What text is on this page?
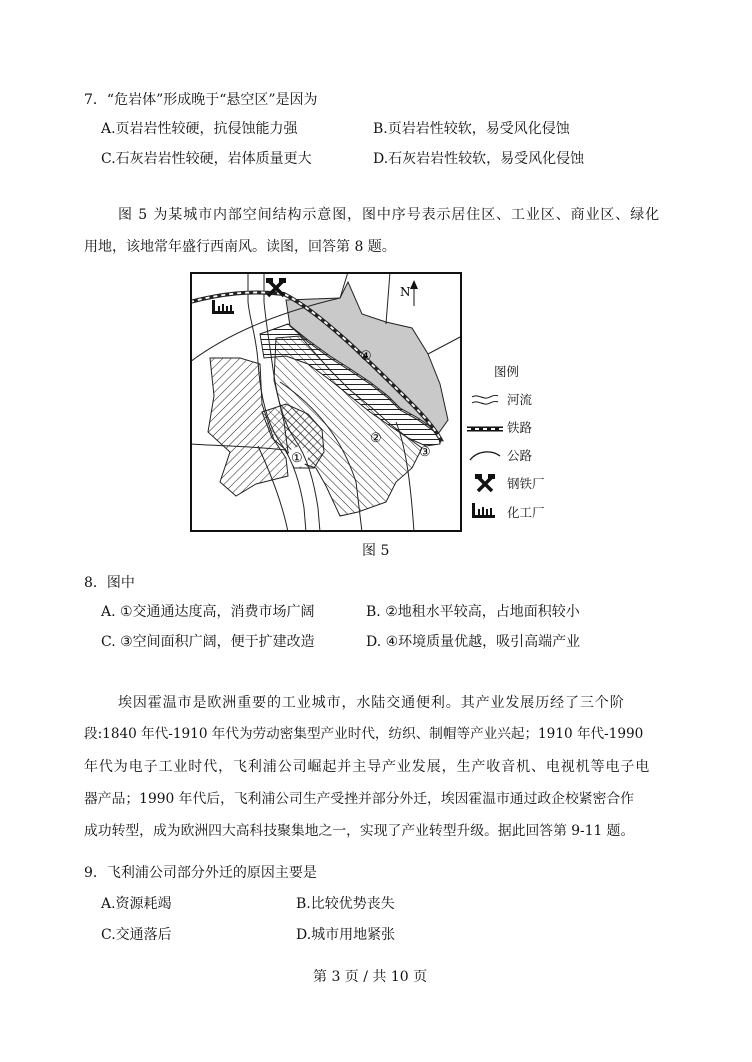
7．“危岩体”形成晚于“悬空区”是因为
A.页岩岩性较硬，抗侵蚀能力强	B.页岩岩性较软，易受风化侵蚀
C.石灰岩岩性较硬，岩体质量更大	D.石灰岩岩性较软，易受风化侵蚀
图 5 为某城市内部空间结构示意图，图中序号表示居住区、工业区、商业区、绿化
用地，该地常年盛行西南风。读图，回答第 8 题。
N
①
②
③
④
图例
河流
铁路
公路
钢铁厂
化工厂
图 5
8．图中
A. ①交通通达度高，消费市场广阔	B. ②地租水平较高，占地面积较小
C. ③空间面积广阔，便于扩建改造	D. ④环境质量优越，吸引高端产业
埃因霍温市是欧洲重要的工业城市，水陆交通便利。其产业发展历经了三个阶
段:1840 年代-1910 年代为劳动密集型产业时代，纺织、制帽等产业兴起；1910 年代-1990
年代为电子工业时代，飞利浦公司崛起并主导产业发展，生产收音机、电视机等电子电
器产品；1990 年代后，飞利浦公司生产受挫并部分外迁，埃因霍温市通过政企校紧密合作
成功转型，成为欧洲四大高科技聚集地之一，实现了产业转型升级。据此回答第 9-11 题。
9．飞利浦公司部分外迁的原因主要是
A.资源耗竭	B.比较优势丧失
C.交通落后	D.城市用地紧张
第 3 页 / 共 10 页
